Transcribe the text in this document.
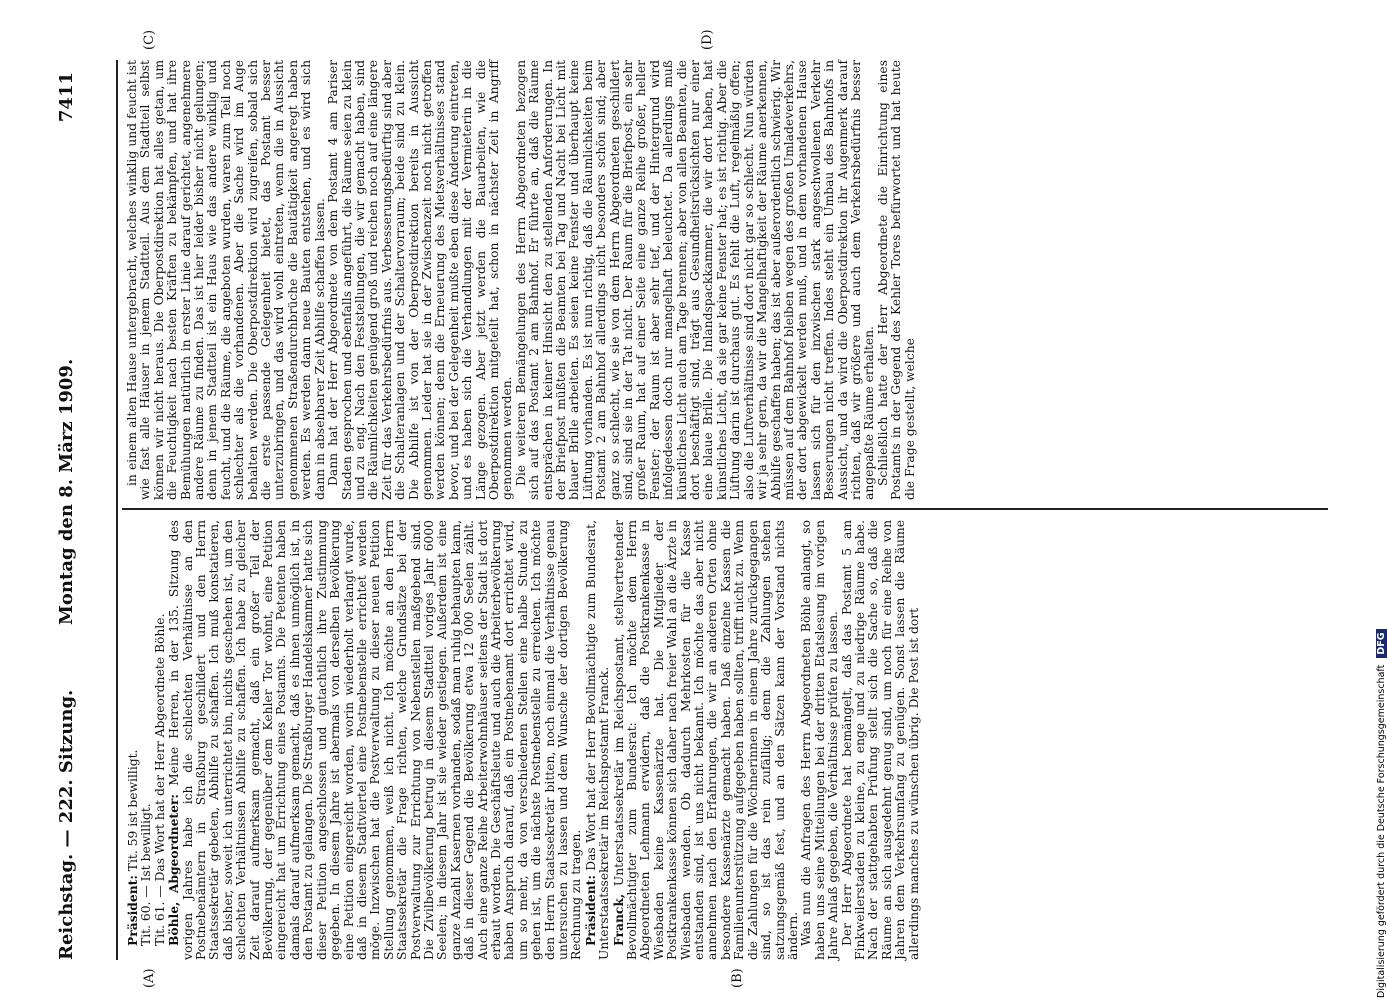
Reichstag. — 222. Sitzung.
Montag den 8. März 1909.
7411
(A)	(B)
(C)	(D)

Präsident: Tit. 59 ist bewilligt. Tit. 60. — Ist bewilligt. Tit. 61. — Das Wort hat der Herr Abgeordnete Böhle. Böhle, Abgeordneter: Meine Herren, in der 135. Sitzung des vorigen Jahres habe ich die schlechten Verhältnisse an den Postnebenämtern in Straßburg geschildert und den Herrn Staatssekretär gebeten, Abhilfe zu schaffen. Ich muß konstatieren, daß bisher, soweit ich unterrichtet bin, nichts geschehen ist, um den schlechten Verhältnissen Abhilfe zu schaffen. Ich habe zu gleicher Zeit darauf aufmerksam gemacht, daß ein großer Teil der Bevölkerung, der gegenüber dem Kehler Tor wohnt, eine Petition eingereicht hat um Errichtung eines Postamts. Die Petenten haben damals darauf aufmerksam gemacht, daß es ihnen unmöglich ist, in den Postamt zu gelangen. Die Straßburger Handelskammer hatte sich dieser Petition angeschlossen und gutachtlich ihre Zustimmung gegeben. In diesem Jahre ist abermals von derselben Bevölkerung eine Petition eingereicht worden, worin wiederholt verlangt wurde, daß in diesem Stadtviertel eine Postnebenstelle errichtet werden möge. Inzwischen hat die Postverwaltung zu dieser neuen Petition Stellung genommen, weiß ich nicht. Ich möchte an den Herrn Staatssekretär die Frage richten, welche Grundsätze bei der Postverwaltung zur Errichtung von Nebenstellen maßgebend sind. Die Zivilbevölkerung betrug in diesem Stadtteil voriges Jahr 6000 Seelen; in diesem Jahr ist sie wieder gestiegen. Außerdem ist eine ganze Anzahl Kasernen vorhanden, sodaß man ruhig behaupten kann, daß in dieser Gegend die Bevölkerung etwa 12 000 Seelen zählt. Auch eine ganze Reihe Arbeiterwohnhäuser seitens der Stadt ist dort erbaut worden. Die Geschäftsleute und auch die Arbeiterbevölkerung haben Anspruch darauf, daß ein Postnebenamt dort errichtet wird, um so mehr, da von verschiedenen Stellen eine halbe Stunde zu gehen ist, um die nächste Postnebenstelle zu erreichen. Ich möchte den Herrn Staatssekretär bitten, noch einmal die Verhältnisse genau untersuchen zu lassen und dem Wunsche der dortigen Bevölkerung Rechnung zu tragen. Präsident: Das Wort hat der Herr Bevollmächtigte zum Bundesrat, Unterstaatssekretär im Reichspostamt Franck. Franck, Unterstaatssekretär im Reichspostamt, stellvertretender Bevollmächtigter zum Bundesrat: Ich möchte dem Herrn Abgeordneten Lehmann erwidern, daß die Postkrankenkasse in Wiesbaden keine Kassenärzte hat. Die Mitglieder der Postkrankenkasse können sich daher nach freier Wahl an die Ärzte in Wiesbaden wenden. Ob dadurch Mehrkosten für die Kasse entstanden sind, ist uns nicht bekannt. Ich möchte das aber nicht annehmen nach den Erfahrungen, die wir an anderen Orten ohne besondere Kassenärzte gemacht haben. Daß einzelne Kassen die Familienunterstützung aufgegeben haben sollten, trifft nicht zu. Wenn die Zahlungen für die Wöchnerinnen in einem Jahre zurückgegangen sind, so ist das rein zufällig; denn die Zahlungen stehen satzungsgemäß fest, und an den Sätzen kann der Vorstand nichts ändern. Was nun die Anfragen des Herrn Abgeordneten Böhle anlangt, so haben uns seine Mitteilungen bei der dritten Etatslesung im vorigen Jahre Anlaß gegeben, die Verhältnisse prüfen zu lassen. Der Herr Abgeordnete hat bemängelt, daß das Postamt 5 am Finkweilerstaden zu kleine, zu enge und zu niedrige Räume habe. Nach der stattgehabten Prüfung stellt sich die Sache so, daß die Räume an sich ausgedehnt genug sind, um noch für eine Reihe von Jahren dem Verkehrsumfang zu genügen. Sonst lassen die Räume allerdings manches zu wünschen übrig. Die Post ist dort

in einem alten Hause untergebracht, welches winklig und feucht ist wie fast alle Häuser in jenem Stadtteil. Aus dem Stadtteil selbst können wir nicht heraus. Die Oberpostdirektion hat alles getan, um die Feuchtigkeit nach besten Kräften zu bekämpfen, und hat ihre Bemühungen natürlich in erster Linie darauf gerichtet, angenehmere andere Räume zu finden. Das ist hier leider bisher nicht gelungen; denn in jenem Stadtteil ist ein Haus wie das andere winklig und feucht, und die Räume, die angeboten wurden, waren zum Teil noch schlechter als die vorhandenen. Aber die Sache wird im Auge behalten werden. Die Oberpostdirektion wird zugreifen, sobald sich die erste passende Gelegenheit bietet, das Postamt besser unterzubringen, und das wird wohl eintreten, wenn die in Aussicht genommenen Straßendurchbrüche die Bautätigkeit angeregt haben werden. Es werden dann neue Bauten entstehen, und es wird sich dann in absehbarer Zeit Abhilfe schaffen lassen. Dann hat der Herr Abgeordnete von dem Postamt 4 am Pariser Staden gesprochen und ebenfalls angeführt, die Räume seien zu klein und zu eng. Nach den Feststellungen, die wir gemacht haben, sind die Räumlichkeiten genügend groß und reichen noch auf eine längere Zeit für das Verkehrsbedürfnis aus. Verbesserungsbedürftig sind aber die Schalteranlagen und der Schaltervorraum; beide sind zu klein. Die Abhilfe ist von der Oberpostdirektion bereits in Aussicht genommen. Leider hat sie in der Zwischenzeit noch nicht getroffen werden können; denn die Erneuerung des Mietsverhältnisses stand bevor, und bei der Gelegenheit mußte eben diese Änderung eintreten, und es haben sich die Verhandlungen mit der Vermieterin in die Länge gezogen. Aber jetzt werden die Bauarbeiten, wie die Oberpostdirektion mitgeteilt hat, schon in nächster Zeit in Angriff genommen werden. Die weiteren Bemängelungen des Herrn Abgeordneten bezogen sich auf das Postamt 2 am Bahnhof. Er führte an, daß die Räume entsprächen in keiner Hinsicht den zu stellenden Anforderungen. In der Briefpost müßten die Beamten bei Tag und Nacht bei Licht mit blauer Brille arbeiten. Es seien keine Fenster und überhaupt keine Lüftung vorhanden. Es ist nun richtig, daß die Räumlichkeiten beim Postamt 2 am Bahnhof allerdings nicht besonders schön sind; aber ganz so schlecht, wie sie von dem Herrn Abgeordneten geschildert sind, sind sie in der Tat nicht. Der Raum für die Briefpost, ein sehr großer Raum, hat auf einer Seite eine ganze Reihe großer, heller Fenster; der Raum ist aber sehr tief, und der Hintergrund wird infolgedessen doch nur mangelhaft beleuchtet. Da allerdings muß künstliches Licht auch am Tage brennen; aber von allen Beamten, die dort beschäftigt sind, trägt aus Gesundheitsrücksichten nur einer eine blaue Brille. Die Inlandspackkammer, die wir dort haben, hat künstliches Licht, da sie gar keine Fenster hat; es ist richtig. Aber die Lüftung darin ist durchaus gut. Es fehlt die Luft, regelmäßig offen; also die Luftverhältnisse sind dort nicht gar so schlecht. Nun würden wir ja sehr gern, da wir die Mangelhaftigkeit der Räume anerkennen, Abhilfe geschaffen haben; das ist aber außerordentlich schwierig. Wir müssen auf dem Bahnhof bleiben wegen des großen Umladeverkehrs, der dort abgewickelt werden muß, und in dem vorhandenen Hause lassen sich für den inzwischen stark angeschwollenen Verkehr Besserungen nicht treffen. Indes steht ein Umbau des Bahnhofs in Aussicht, und da wird die Oberpostdirektion ihr Augenmerk darauf richten, daß wir größere und auch dem Verkehrsbedürfnis besser angepaßte Räume erhalten. Schließlich hatte der Herr Abgeordnete die Einrichtung eines Postamts in der Gegend des Kehler Tores befürwortet und hat heute die Frage gestellt, welche

Digitalisierung gefördert durch die Deutsche Forschungsgemeinschaft DFG
